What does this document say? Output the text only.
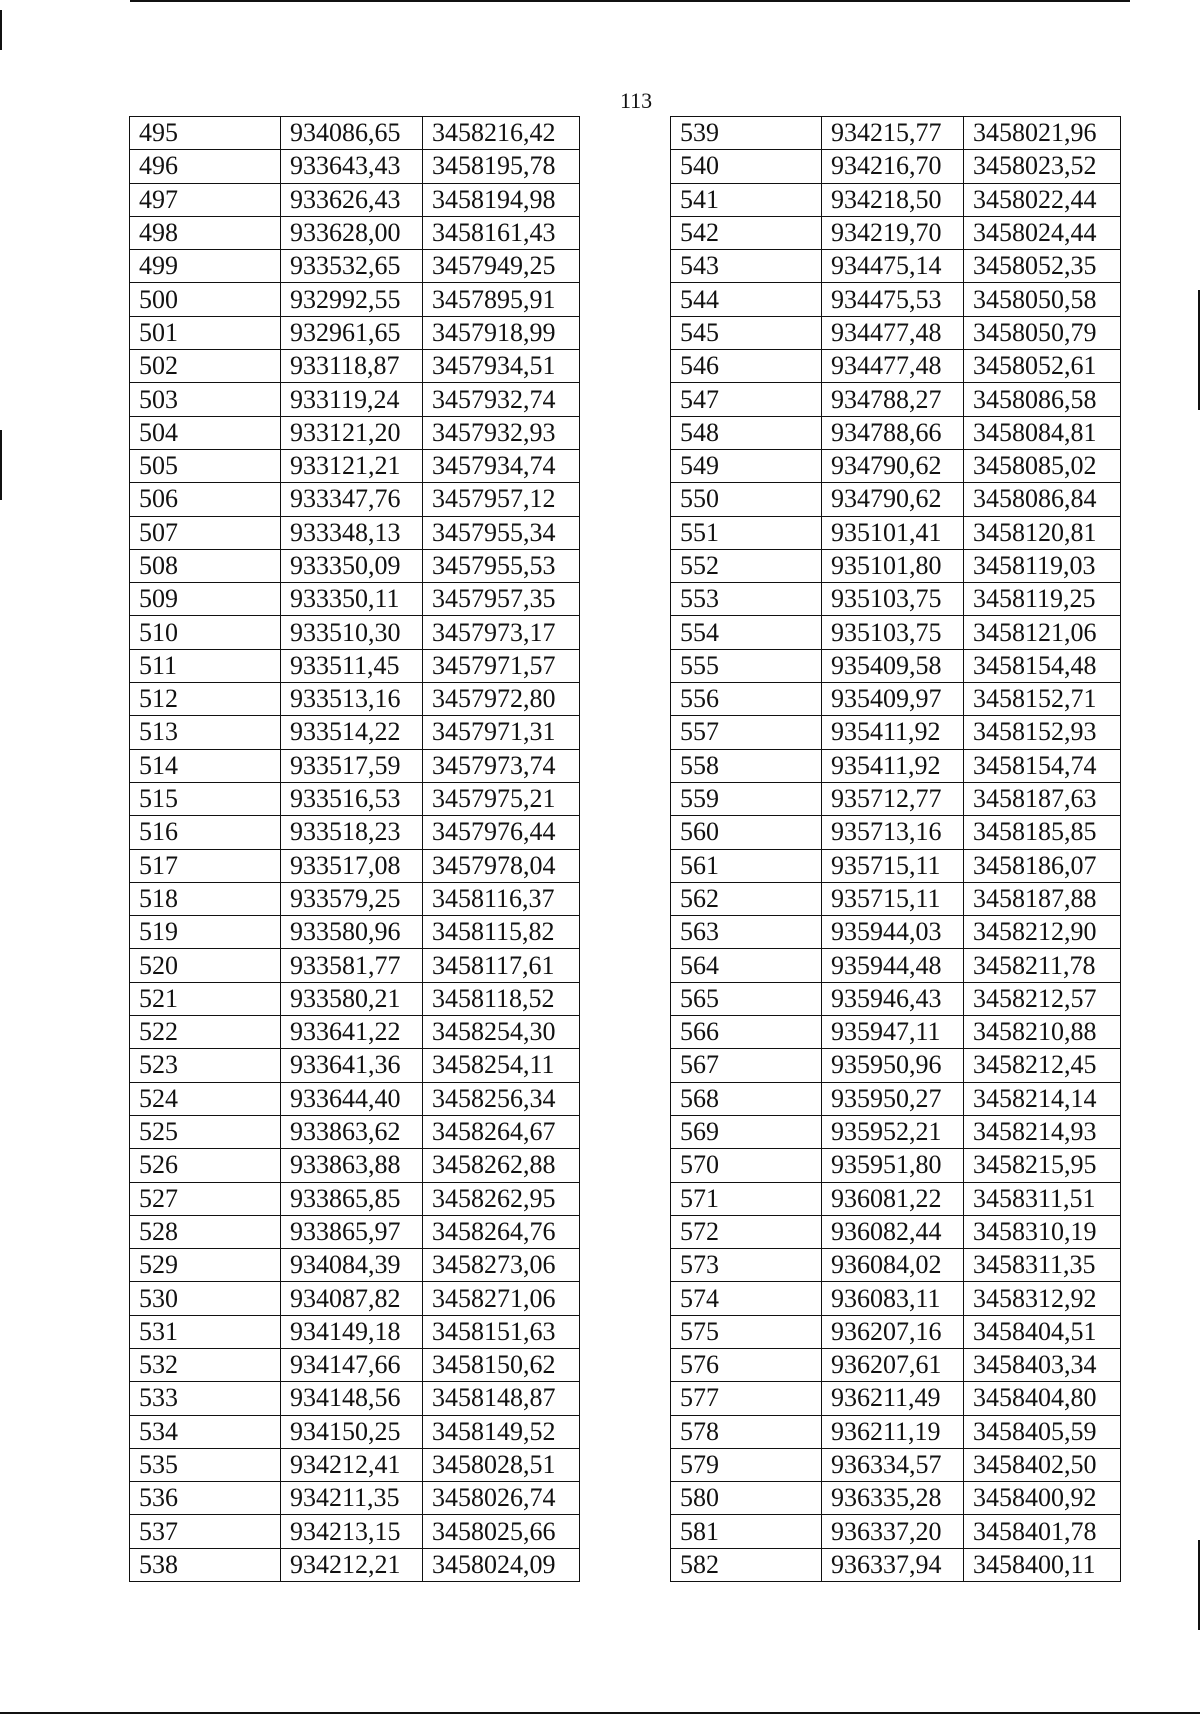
113
495	934086,65	3458216,42
496	933643,43	3458195,78
497	933626,43	3458194,98
498	933628,00	3458161,43
499	933532,65	3457949,25
500	932992,55	3457895,91
501	932961,65	3457918,99
502	933118,87	3457934,51
503	933119,24	3457932,74
504	933121,20	3457932,93
505	933121,21	3457934,74
506	933347,76	3457957,12
507	933348,13	3457955,34
508	933350,09	3457955,53
509	933350,11	3457957,35
510	933510,30	3457973,17
511	933511,45	3457971,57
512	933513,16	3457972,80
513	933514,22	3457971,31
514	933517,59	3457973,74
515	933516,53	3457975,21
516	933518,23	3457976,44
517	933517,08	3457978,04
518	933579,25	3458116,37
519	933580,96	3458115,82
520	933581,77	3458117,61
521	933580,21	3458118,52
522	933641,22	3458254,30
523	933641,36	3458254,11
524	933644,40	3458256,34
525	933863,62	3458264,67
526	933863,88	3458262,88
527	933865,85	3458262,95
528	933865,97	3458264,76
529	934084,39	3458273,06
530	934087,82	3458271,06
531	934149,18	3458151,63
532	934147,66	3458150,62
533	934148,56	3458148,87
534	934150,25	3458149,52
535	934212,41	3458028,51
536	934211,35	3458026,74
537	934213,15	3458025,66
538	934212,21	3458024,09
539	934215,77	3458021,96
540	934216,70	3458023,52
541	934218,50	3458022,44
542	934219,70	3458024,44
543	934475,14	3458052,35
544	934475,53	3458050,58
545	934477,48	3458050,79
546	934477,48	3458052,61
547	934788,27	3458086,58
548	934788,66	3458084,81
549	934790,62	3458085,02
550	934790,62	3458086,84
551	935101,41	3458120,81
552	935101,80	3458119,03
553	935103,75	3458119,25
554	935103,75	3458121,06
555	935409,58	3458154,48
556	935409,97	3458152,71
557	935411,92	3458152,93
558	935411,92	3458154,74
559	935712,77	3458187,63
560	935713,16	3458185,85
561	935715,11	3458186,07
562	935715,11	3458187,88
563	935944,03	3458212,90
564	935944,48	3458211,78
565	935946,43	3458212,57
566	935947,11	3458210,88
567	935950,96	3458212,45
568	935950,27	3458214,14
569	935952,21	3458214,93
570	935951,80	3458215,95
571	936081,22	3458311,51
572	936082,44	3458310,19
573	936084,02	3458311,35
574	936083,11	3458312,92
575	936207,16	3458404,51
576	936207,61	3458403,34
577	936211,49	3458404,80
578	936211,19	3458405,59
579	936334,57	3458402,50
580	936335,28	3458400,92
581	936337,20	3458401,78
582	936337,94	3458400,11
